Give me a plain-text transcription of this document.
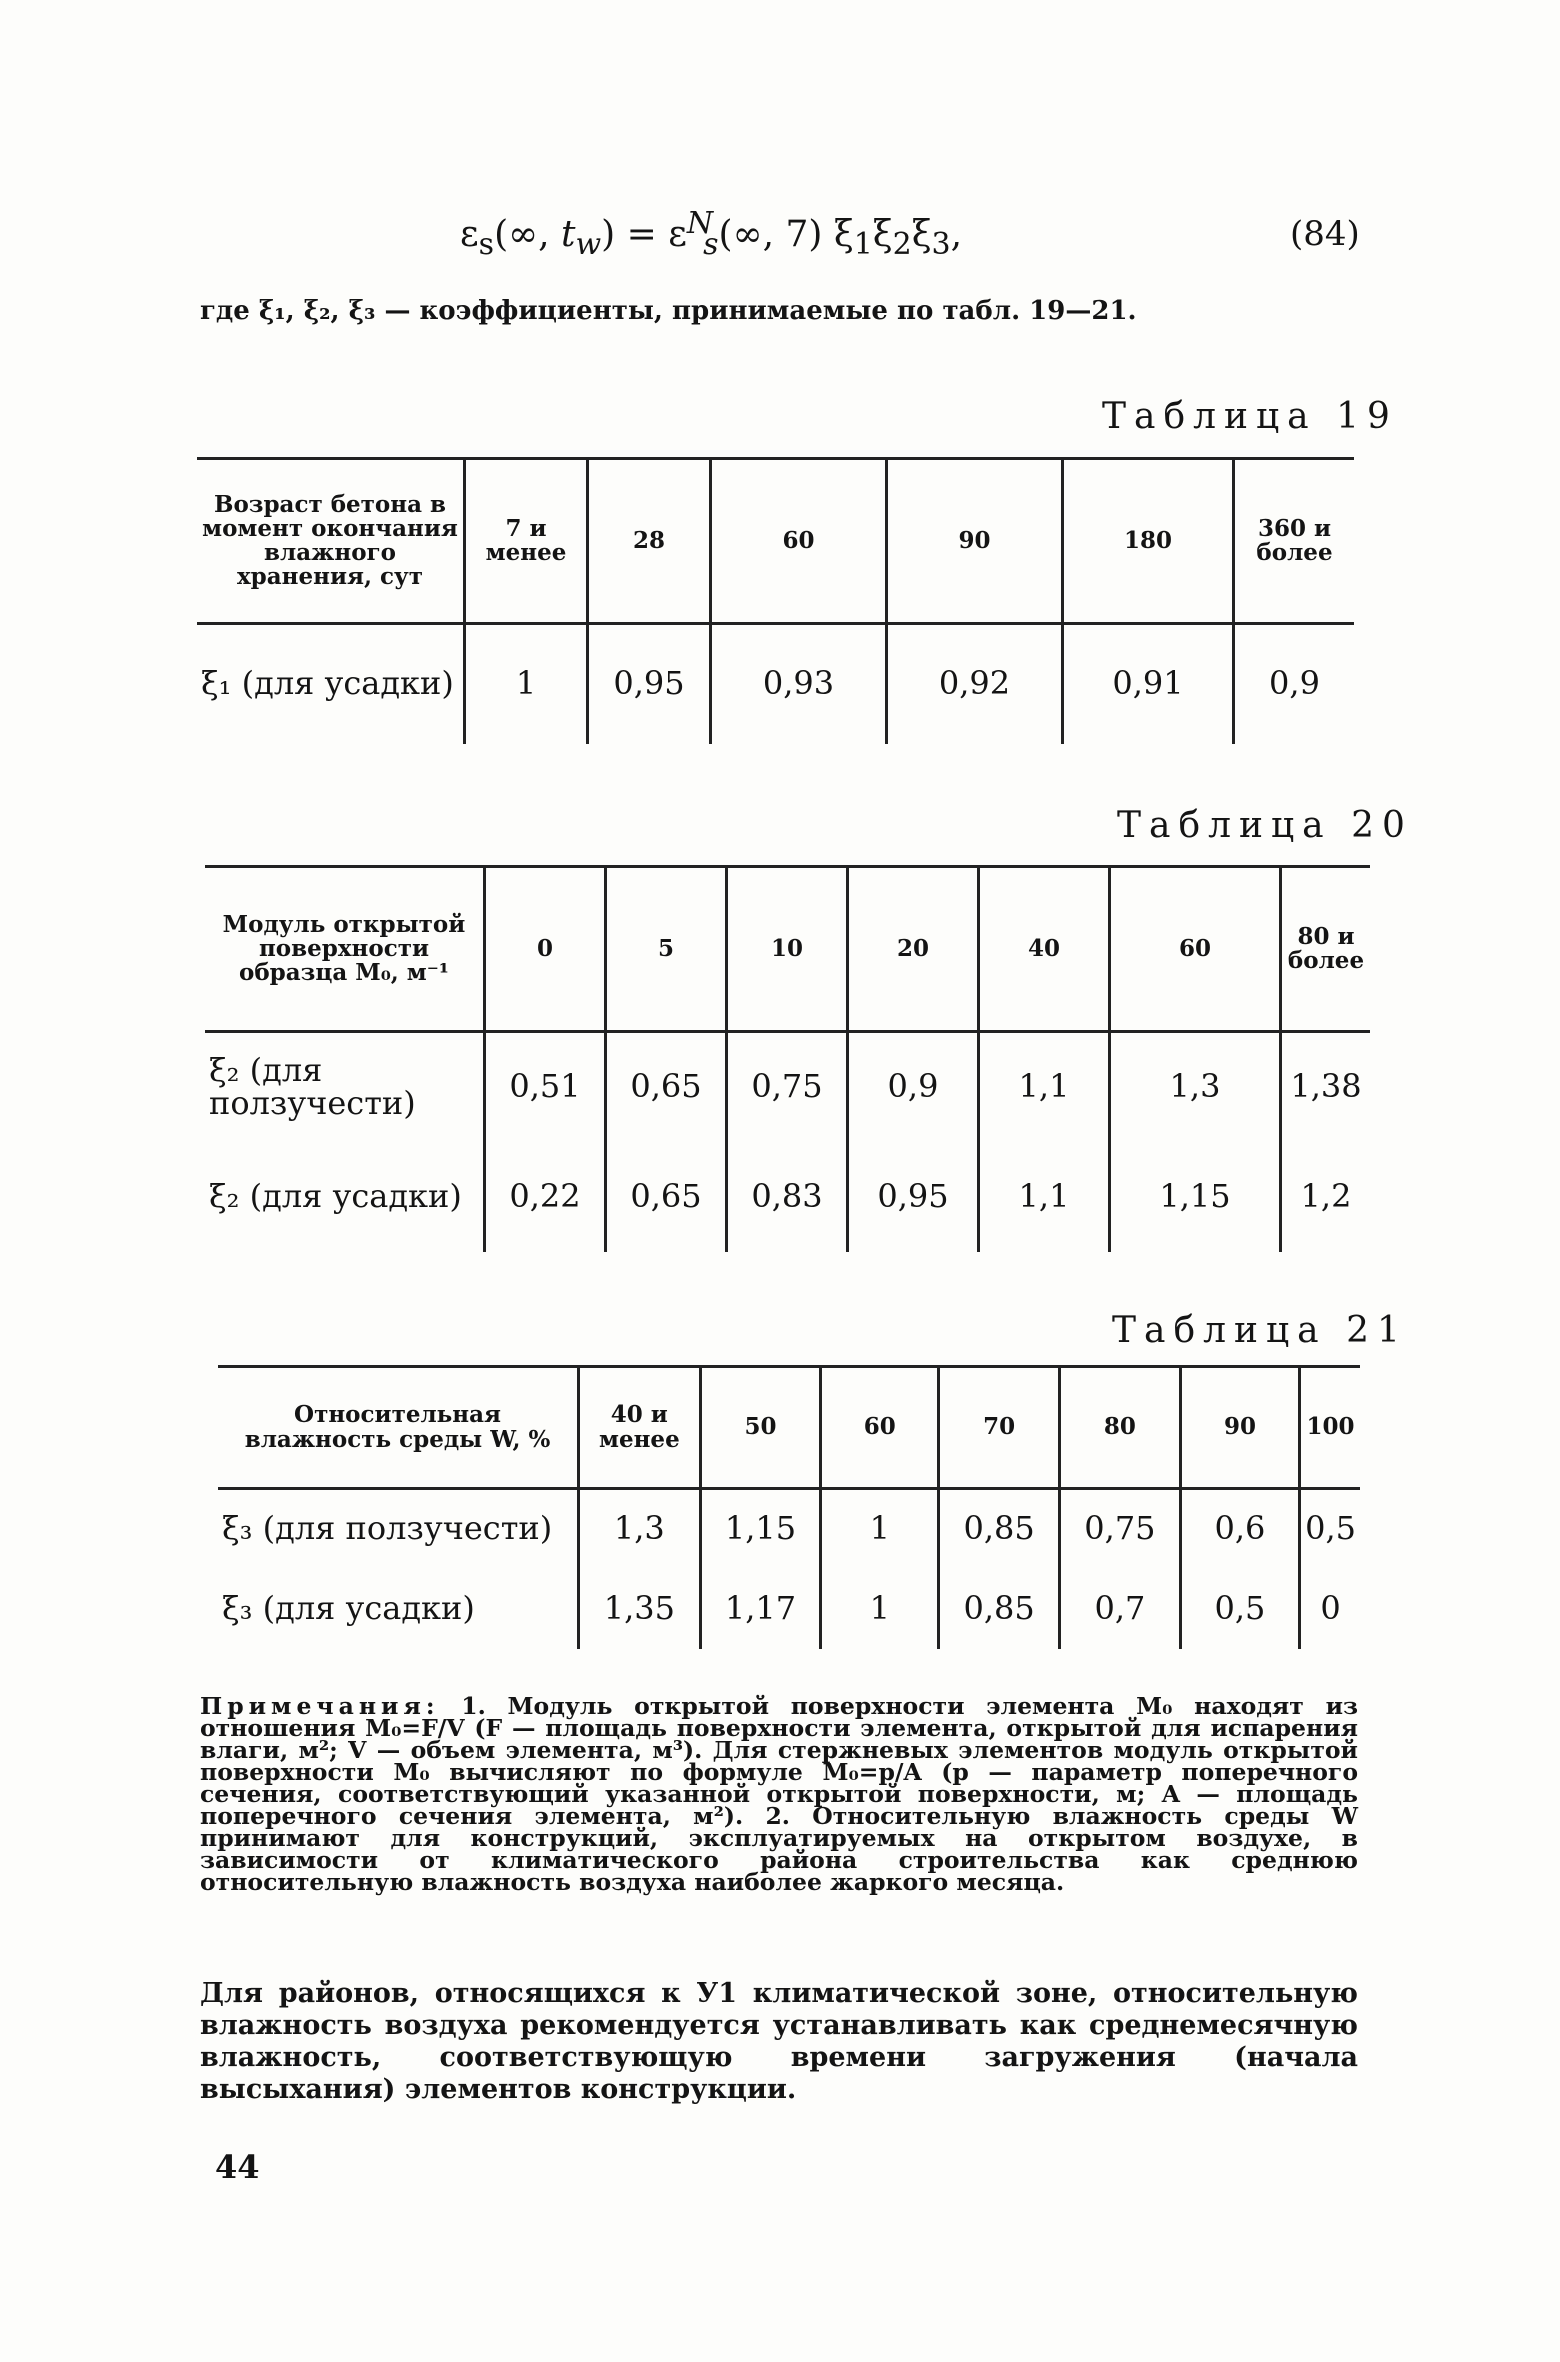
$\varepsilon_s(\infty$, $t_w) = \varepsilon^N_s(\infty$, 7) $\xi_1\xi_2\xi_3$,	(84)
где ξ₁, ξ₂, ξ₃ — коэффициенты, принимаемые по табл. 19—21.
Таблица 19
Возраст бетона в момент окончания влажного хранения, сут	7 и менее	28	60	90	180	360 и более
ξ₁ (для усадки)	1	0,95	0,93	0,92	0,91	0,9
Таблица 20
Модуль открытой поверхности образца M₀, м⁻¹	0	5	10	20	40	60	80 и более
ξ₂ (для ползучести)	0,51	0,65	0,75	0,9	1,1	1,3	1,38
ξ₂ (для усадки)	0,22	0,65	0,83	0,95	1,1	1,15	1,2
Таблица 21
Относительная влажность среды W, %	40 и менее	50	60	70	80	90	100
ξ₃ (для ползучести)	1,3	1,15	1	0,85	0,75	0,6	0,5
ξ₃ (для усадки)	1,35	1,17	1	0,85	0,7	0,5	0
Примечания: 1. Модуль открытой поверхности элемента M₀ находят из отношения M₀=F/V (F — площадь поверхности элемента, открытой для испарения влаги, м²; V — объем элемента, м³). Для стержневых элементов модуль открытой поверхности M₀ вычисляют по формуле M₀=p/A (p — параметр поперечного сечения, соответствующий указанной открытой поверхности, м; A — площадь поперечного сечения элемента, м²). 2. Относительную влажность среды W принимают для конструкций, эксплуатируемых на открытом воздухе, в зависимости от климатического района строительства как среднюю относительную влажность воздуха наиболее жаркого месяца.
Для районов, относящихся к У1 климатической зоне, относительную влажность воздуха рекомендуется устанавливать как среднемесячную влажность, соответствующую времени загружения (начала высыхания) элементов конструкции.
44
